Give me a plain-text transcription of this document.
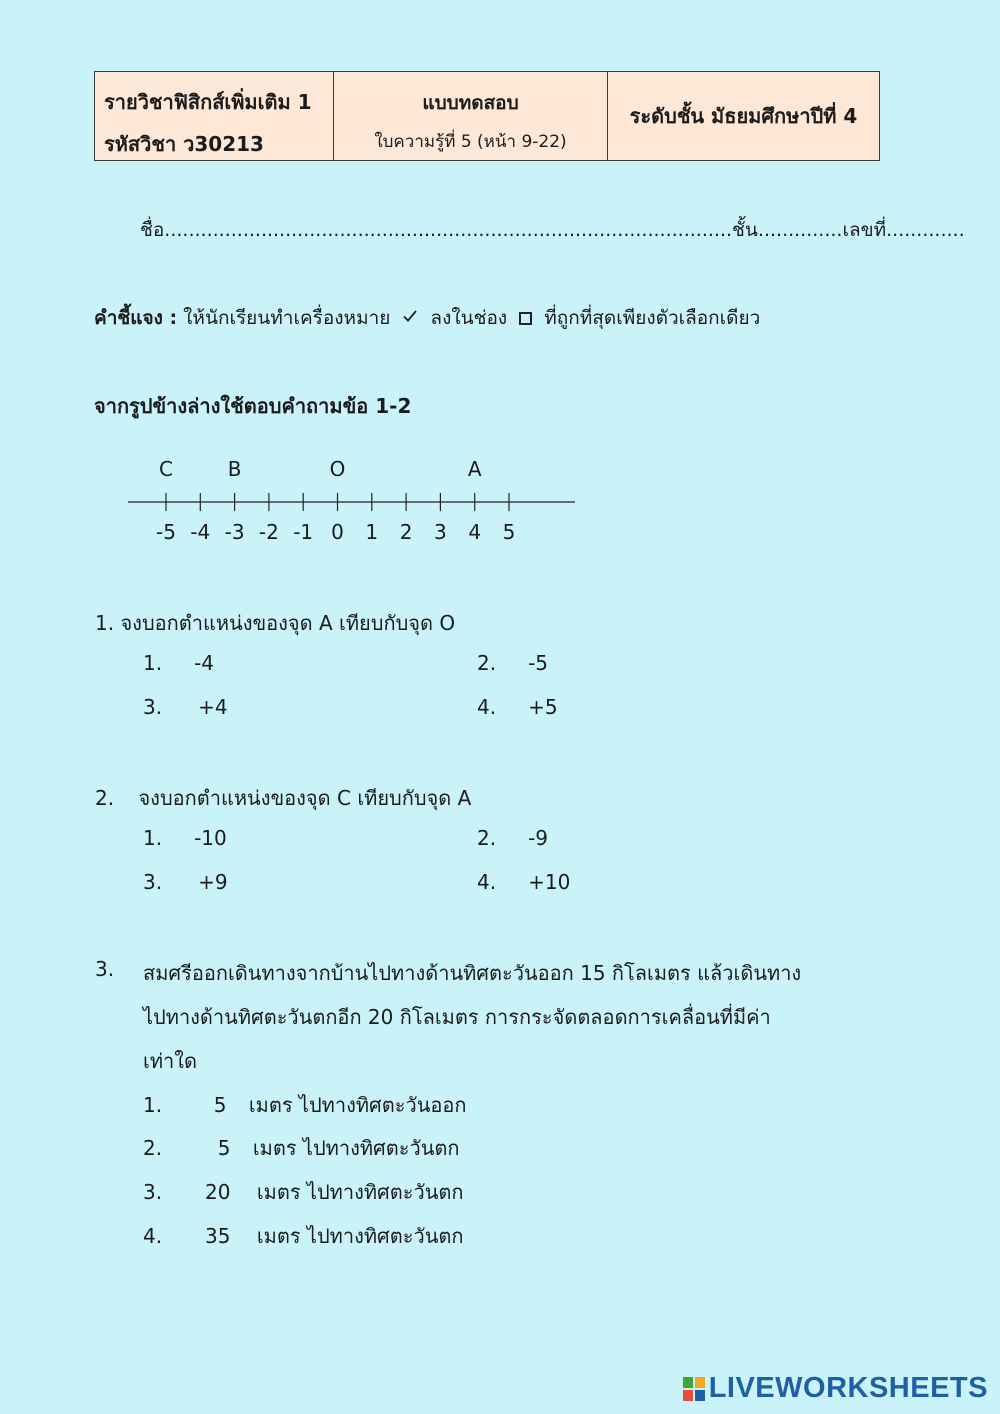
รายวิชาฟิสิกส์เพิ่มเติม 1
รหัสวิชา ว30213
แบบทดสอบ
ใบความรู้ที่ 5 (หน้า 9-22)
ระดับชั้น มัธยมศึกษาปีที่ 4
ชื่อ..............................................................................................ชั้น..............เลขที่.............
คำชี้แจง : ให้นักเรียนทำเครื่องหมาย ลงในช่อง ที่ถูกที่สุดเพียงตัวเลือกเดียว
จากรูปข้างล่างใช้ตอบคำถามข้อ 1-2
-5 -4 -3 -2 -1 0 1 2 3 4 5
C	B	O	A
1. จงบอกตำแหน่งของจุด A เทียบกับจุด O
1. -4	2. -5
3. +4	4. +5
2. จงบอกตำแหน่งของจุด C เทียบกับจุด A
1. -10	2. -9
3. +9	4. +10
3. สมศรีออกเดินทางจากบ้านไปทางด้านทิศตะวันออก 15 กิโลเมตร แล้วเดินทาง
ไปทางด้านทิศตะวันตกอีก 20 กิโลเมตร การกระจัดตลอดการเคลื่อนที่มีค่า
เท่าใด
1.	5 เมตร ไปทางทิศตะวันออก
2.	5 เมตร ไปทางทิศตะวันตก
3. 20 เมตร ไปทางทิศตะวันตก
4. 35 เมตร ไปทางทิศตะวันตก
LIVEWORKSHEETS
